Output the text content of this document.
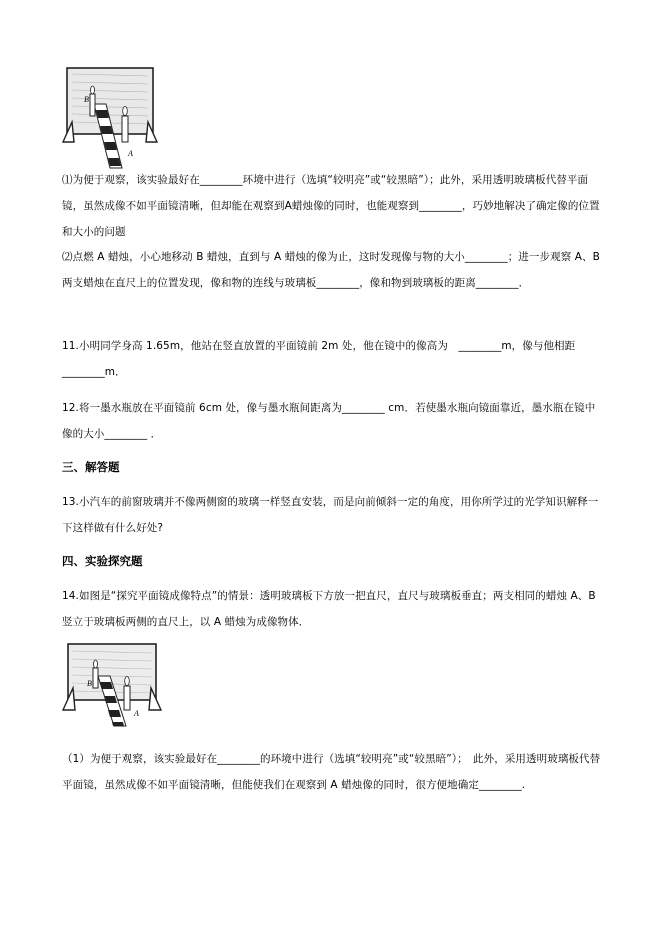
B
A

⑴为便于观察，该实验最好在________环境中进行（选填“较明亮”或“较黑暗”）；此外，采用透明玻璃板代替平面镜，虽然成像不如平面镜清晰，但却能在观察到A蜡烛像的同时，也能观察到________，巧妙地解决了确定像的位置和大小的问题

⑵点燃 A 蜡烛，小心地移动 B 蜡烛，直到与 A 蜡烛的像为止，这时发现像与物的大小________；进一步观察 A、B两支蜡烛在直尺上的位置发现，像和物的连线与玻璃板________，像和物到玻璃板的距离________．

11.小明同学身高 1.65m，他站在竖直放置的平面镜前 2m 处，他在镜中的像高为　________m，像与他相距　________m．

12.将一墨水瓶放在平面镜前 6cm 处，像与墨水瓶间距离为________ cm．若使墨水瓶向镜面靠近，墨水瓶在镜中像的大小________ ．

三、解答题

13.小汽车的前窗玻璃并不像两侧窗的玻璃一样竖直安装，而是向前倾斜一定的角度，用你所学过的光学知识解释一下这样做有什么好处?

四、实验探究题

14.如图是“探究平面镜成像特点”的情景：透明玻璃板下方放一把直尺，直尺与玻璃板垂直；两支相同的蜡烛 A、B 竖立于玻璃板两侧的直尺上，以 A 蜡烛为成像物体．

B
A

（1）为便于观察，该实验最好在________的环境中进行（选填“较明亮”或“较黑暗”）；　此外，采用透明玻璃板代替平面镜，虽然成像不如平面镜清晰，但能使我们在观察到 A 蜡烛像的同时，很方便地确定________.
